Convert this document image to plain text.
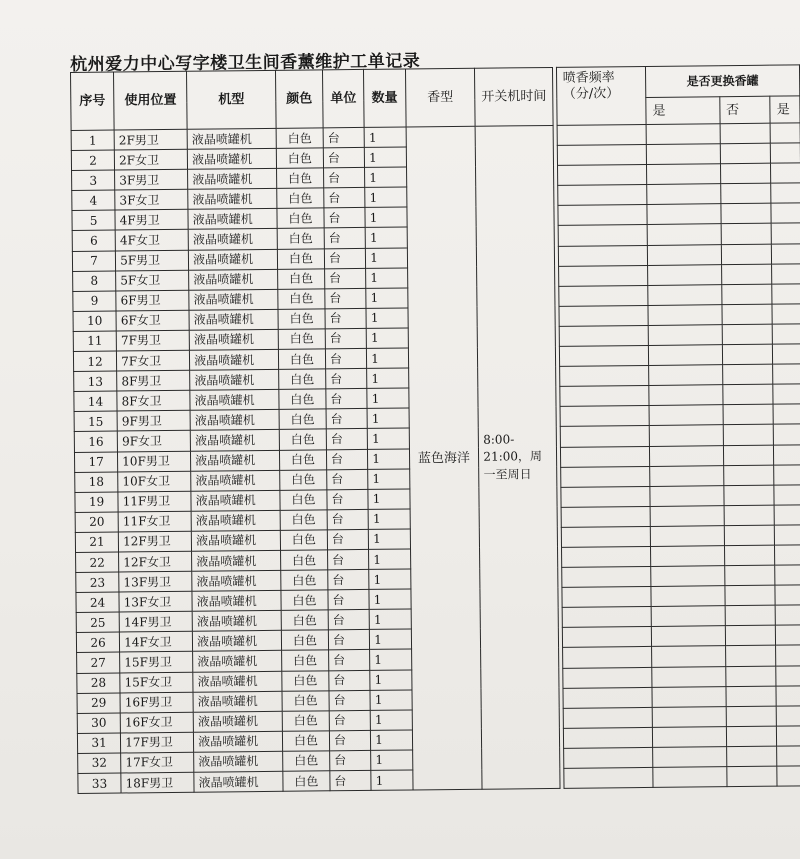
杭州爱力中心写字楼卫生间香薰维护工单记录
序号	使用位置	机型	颜色	单位	数量	香型	开关机时间		喷香频率
（分/次）	是否更换香罐		
										是	否	是
1	2F男卫	液晶喷罐机	白色	台	1	蓝色海洋	8:00-21:00，周一至周日					
2	2F女卫	液晶喷罐机	白色	台	1							
3	3F男卫	液晶喷罐机	白色	台	1							
4	3F女卫	液晶喷罐机	白色	台	1							
5	4F男卫	液晶喷罐机	白色	台	1							
6	4F女卫	液晶喷罐机	白色	台	1							
7	5F男卫	液晶喷罐机	白色	台	1							
8	5F女卫	液晶喷罐机	白色	台	1							
9	6F男卫	液晶喷罐机	白色	台	1							
10	6F女卫	液晶喷罐机	白色	台	1							
11	7F男卫	液晶喷罐机	白色	台	1							
12	7F女卫	液晶喷罐机	白色	台	1							
13	8F男卫	液晶喷罐机	白色	台	1							
14	8F女卫	液晶喷罐机	白色	台	1							
15	9F男卫	液晶喷罐机	白色	台	1							
16	9F女卫	液晶喷罐机	白色	台	1							
17	10F男卫	液晶喷罐机	白色	台	1							
18	10F女卫	液晶喷罐机	白色	台	1							
19	11F男卫	液晶喷罐机	白色	台	1							
20	11F女卫	液晶喷罐机	白色	台	1							
21	12F男卫	液晶喷罐机	白色	台	1							
22	12F女卫	液晶喷罐机	白色	台	1							
23	13F男卫	液晶喷罐机	白色	台	1							
24	13F女卫	液晶喷罐机	白色	台	1							
25	14F男卫	液晶喷罐机	白色	台	1							
26	14F女卫	液晶喷罐机	白色	台	1							
27	15F男卫	液晶喷罐机	白色	台	1							
28	15F女卫	液晶喷罐机	白色	台	1							
29	16F男卫	液晶喷罐机	白色	台	1							
30	16F女卫	液晶喷罐机	白色	台	1							
31	17F男卫	液晶喷罐机	白色	台	1							
32	17F女卫	液晶喷罐机	白色	台	1							
33	18F男卫	液晶喷罐机	白色	台	1							
